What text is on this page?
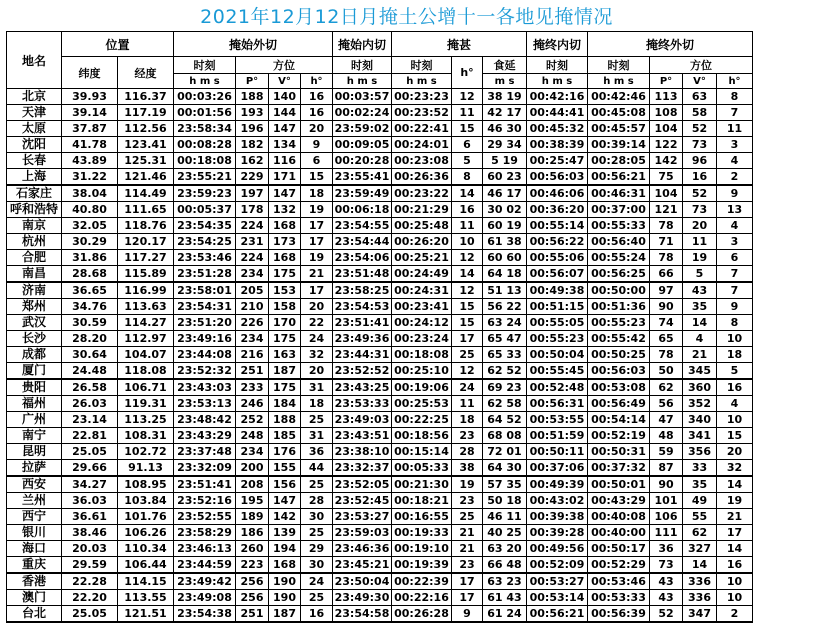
2021年12月12日月掩土公增十一各地见掩情况
地名	位置		掩始外切				掩始内切	掩甚			掩终内切	掩终外切			
	纬度	经度	时刻	方位			时刻	时刻	h°	食延	时刻	时刻	方位		
			h m s	P°	V°	h°	h m s	h m s		m s	h m s	h m s	P°	V°	h°
北京	39.93	116.37	00:03:26	188	140	16	00:03:57	00:23:23	12	38 19	00:42:16	00:42:46	113	63	8
天津	39.14	117.19	00:01:56	193	144	16	00:02:24	00:23:52	11	42 17	00:44:41	00:45:08	108	58	7
太原	37.87	112.56	23:58:34	196	147	20	23:59:02	00:22:41	15	46 30	00:45:32	00:45:57	104	52	11
沈阳	41.78	123.41	00:08:28	182	134	9	00:09:05	00:24:01	6	29 34	00:38:39	00:39:14	122	73	3
长春	43.89	125.31	00:18:08	162	116	6	00:20:28	00:23:08	5	5 19	00:25:47	00:28:05	142	96	4
上海	31.22	121.46	23:55:21	229	171	15	23:55:41	00:26:36	8	60 23	00:56:03	00:56:21	75	16	2
石家庄	38.04	114.49	23:59:23	197	147	18	23:59:49	00:23:22	14	46 17	00:46:06	00:46:31	104	52	9
呼和浩特	40.80	111.65	00:05:37	178	132	19	00:06:18	00:21:29	16	30 02	00:36:20	00:37:00	121	73	13
南京	32.05	118.76	23:54:35	224	168	17	23:54:55	00:25:48	11	60 19	00:55:14	00:55:33	78	20	4
杭州	30.29	120.17	23:54:25	231	173	17	23:54:44	00:26:20	10	61 38	00:56:22	00:56:40	71	11	3
合肥	31.86	117.27	23:53:46	224	168	19	23:54:06	00:25:21	12	60 60	00:55:06	00:55:24	78	19	6
南昌	28.68	115.89	23:51:28	234	175	21	23:51:48	00:24:49	14	64 18	00:56:07	00:56:25	66	5	7
济南	36.65	116.99	23:58:01	205	153	17	23:58:25	00:24:31	12	51 13	00:49:38	00:50:00	97	43	7
郑州	34.76	113.63	23:54:31	210	158	20	23:54:53	00:23:41	15	56 22	00:51:15	00:51:36	90	35	9
武汉	30.59	114.27	23:51:20	226	170	22	23:51:41	00:24:12	15	63 24	00:55:05	00:55:23	74	14	8
长沙	28.20	112.97	23:49:16	234	175	24	23:49:36	00:23:24	17	65 47	00:55:23	00:55:42	65	4	10
成都	30.64	104.07	23:44:08	216	163	32	23:44:31	00:18:08	25	65 33	00:50:04	00:50:25	78	21	18
厦门	24.48	118.08	23:52:32	251	187	20	23:52:52	00:25:10	12	62 52	00:55:45	00:56:03	50	345	5
贵阳	26.58	106.71	23:43:03	233	175	31	23:43:25	00:19:06	24	69 23	00:52:48	00:53:08	62	360	16
福州	26.03	119.31	23:53:13	246	184	18	23:53:33	00:25:53	11	62 58	00:56:31	00:56:49	56	352	4
广州	23.14	113.25	23:48:42	252	188	25	23:49:03	00:22:25	18	64 52	00:53:55	00:54:14	47	340	10
南宁	22.81	108.31	23:43:29	248	185	31	23:43:51	00:18:56	23	68 08	00:51:59	00:52:19	48	341	15
昆明	25.05	102.72	23:37:48	234	176	36	23:38:10	00:15:14	28	72 01	00:50:11	00:50:31	59	356	20
拉萨	29.66	91.13	23:32:09	200	155	44	23:32:37	00:05:33	38	64 30	00:37:06	00:37:32	87	33	32
西安	34.27	108.95	23:51:41	208	156	25	23:52:05	00:21:30	19	57 35	00:49:39	00:50:01	90	35	14
兰州	36.03	103.84	23:52:16	195	147	28	23:52:45	00:18:21	23	50 18	00:43:02	00:43:29	101	49	19
西宁	36.61	101.76	23:52:55	189	142	30	23:53:27	00:16:55	25	46 11	00:39:38	00:40:08	106	55	21
银川	38.46	106.26	23:58:29	186	139	25	23:59:03	00:19:33	21	40 25	00:39:28	00:40:00	111	62	17
海口	20.03	110.34	23:46:13	260	194	29	23:46:36	00:19:10	21	63 20	00:49:56	00:50:17	36	327	14
重庆	29.59	106.44	23:44:59	223	168	30	23:45:21	00:19:39	23	66 48	00:52:09	00:52:29	73	14	16
香港	22.28	114.15	23:49:42	256	190	24	23:50:04	00:22:39	17	63 23	00:53:27	00:53:46	43	336	10
澳门	22.20	113.55	23:49:08	256	190	25	23:49:30	00:22:16	17	61 43	00:53:14	00:53:33	43	336	10
台北	25.05	121.51	23:54:38	251	187	16	23:54:58	00:26:28	9	61 24	00:56:21	00:56:39	52	347	2
